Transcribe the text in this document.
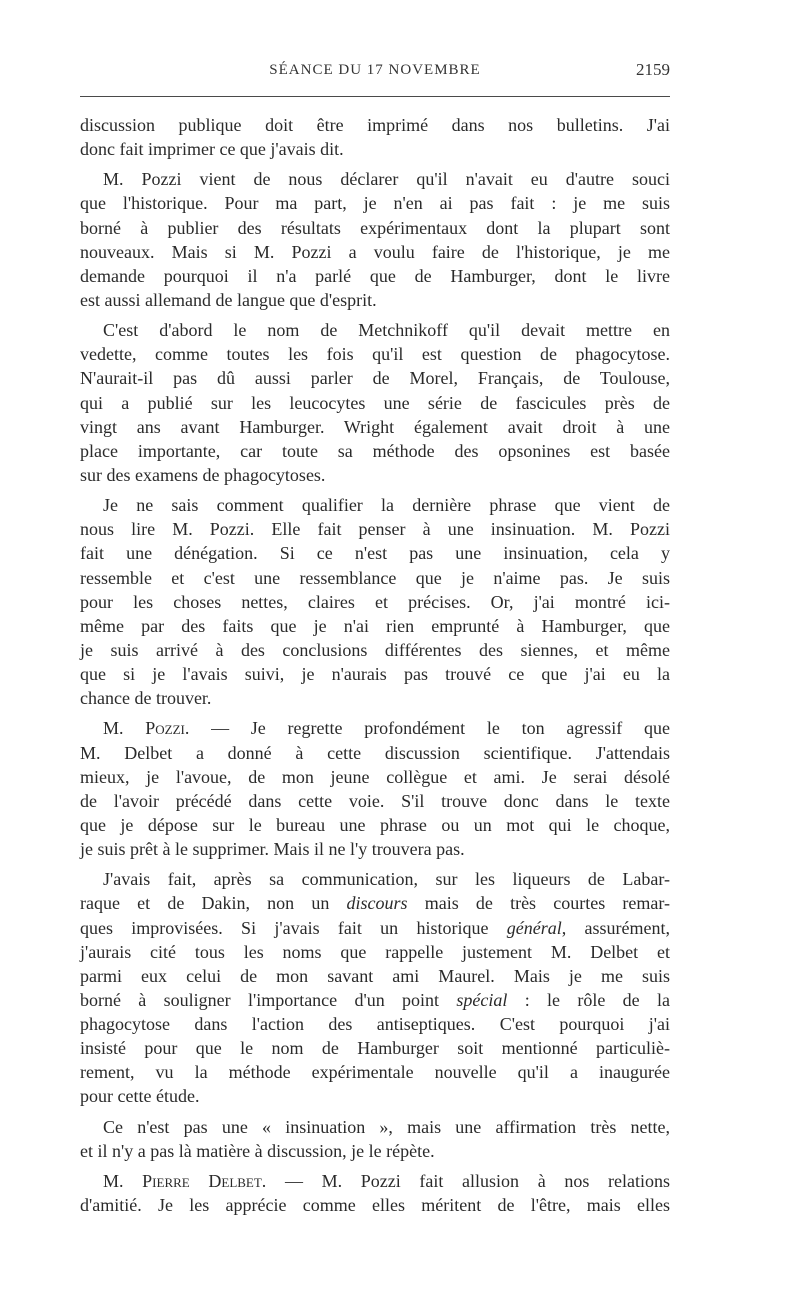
SÉANCE DU 17 NOVEMBRE	2159
discussion publique doit être imprimé dans nos bulletins. J'ai
donc fait imprimer ce que j'avais dit.
M. Pozzi vient de nous déclarer qu'il n'avait eu d'autre souci
que l'historique. Pour ma part, je n'en ai pas fait : je me suis
borné à publier des résultats expérimentaux dont la plupart sont
nouveaux. Mais si M. Pozzi a voulu faire de l'historique, je me
demande pourquoi il n'a parlé que de Hamburger, dont le livre
est aussi allemand de langue que d'esprit.
C'est d'abord le nom de Metchnikoff qu'il devait mettre en
vedette, comme toutes les fois qu'il est question de phagocytose.
N'aurait-il pas dû aussi parler de Morel, Français, de Toulouse,
qui a publié sur les leucocytes une série de fascicules près de
vingt ans avant Hamburger. Wright également avait droit à une
place importante, car toute sa méthode des opsonines est basée
sur des examens de phagocytoses.
Je ne sais comment qualifier la dernière phrase que vient de
nous lire M. Pozzi. Elle fait penser à une insinuation. M. Pozzi
fait une dénégation. Si ce n'est pas une insinuation, cela y
ressemble et c'est une ressemblance que je n'aime pas. Je suis
pour les choses nettes, claires et précises. Or, j'ai montré ici-
même par des faits que je n'ai rien emprunté à Hamburger, que
je suis arrivé à des conclusions différentes des siennes, et même
que si je l'avais suivi, je n'aurais pas trouvé ce que j'ai eu la
chance de trouver.
M. Pozzi. — Je regrette profondément le ton agressif que
M. Delbet a donné à cette discussion scientifique. J'attendais
mieux, je l'avoue, de mon jeune collègue et ami. Je serai désolé
de l'avoir précédé dans cette voie. S'il trouve donc dans le texte
que je dépose sur le bureau une phrase ou un mot qui le choque,
je suis prêt à le supprimer. Mais il ne l'y trouvera pas.
J'avais fait, après sa communication, sur les liqueurs de Labar-
raque et de Dakin, non un discours mais de très courtes remar-
ques improvisées. Si j'avais fait un historique général, assurément,
j'aurais cité tous les noms que rappelle justement M. Delbet et
parmi eux celui de mon savant ami Maurel. Mais je me suis
borné à souligner l'importance d'un point spécial : le rôle de la
phagocytose dans l'action des antiseptiques. C'est pourquoi j'ai
insisté pour que le nom de Hamburger soit mentionné particuliè-
rement, vu la méthode expérimentale nouvelle qu'il a inaugurée
pour cette étude.
Ce n'est pas une « insinuation », mais une affirmation très nette,
et il n'y a pas là matière à discussion, je le répète.
M. Pierre Delbet. — M. Pozzi fait allusion à nos relations
d'amitié. Je les apprécie comme elles méritent de l'être, mais elles
